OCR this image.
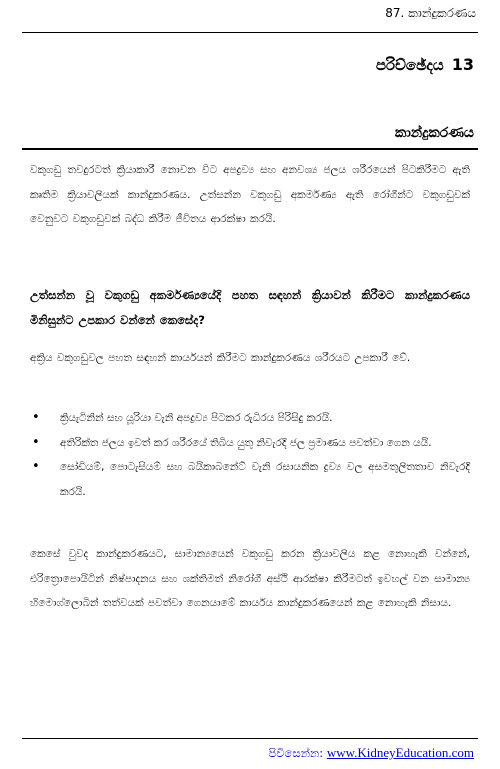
87. කාන්දුකරණය
පරිච්ඡේදය 13
කාන්දුකරණය
වකුගඩු තවදුරටත් ක්‍රියාකාරී නොවන විට අපද්‍රව්‍ය සහ අනවශ්‍ය ජලය ශරීරයෙන් පිටකිරීමට ඇති කෘතිම ක්‍රියාවලියක් කාන්දුකරණය. උත්සන්න වකුගඩු අකර්මණ්‍ය ඇති රෝගීන්ට වකුගඩුවක් වෙනුවට වකුගඩුවක් බද්ධ කිරීම ජීවිතය ආරක්ෂා කරයි.
උත්සන්න වූ වකුගඩු අකර්මණ්‍යයේදි පහත සඳහන් ක්‍රියාවන් කිරීමට කාන්දුකරණය මිනිසුන්ට උපකාර වන්නේ කෙසේද?
අක්‍රිය වකුගඩුවල පහත සඳහන් කාර්යයන් කිරීමට කාන්දුකරණය ශරීරයට උපකාරී වේ.
• ක්‍රියැටිනින් සහ යූරියා වැනි අපද්‍රව්‍ය පිටකර රුධිරය පිරිසිදු කරයි.
• අතිරික්ත ජලය ඉවත් කර ශරීරයේ තිබිය යුතු නිවැරදි ජල ප්‍රමාණය පවත්වා ගෙන යයි.
• සෝඩියම්, පොටැසියම් සහ බයිකාබනේට් වැනි රසායනික ද්‍රව්‍ය වල අසමතුලිතතාව නිවැරදි කරයි.
කෙසේ වුවද කාන්දුකරණයට, සාමාන්‍යයෙන් වකුගඩු කරන ක්‍රියාවලිය කළ නොහැකි වන්නේ, එරිත්‍රොපොයිටින් නිෂ්පාදනය සහ ශක්තිමත් නිරෝගී අස්ථි ආරක්ෂා කිරීමටත් ඉවහල් වන සාමාන්‍ය හිමොග්ලොබින් තත්වයක් පවත්වා ගෙනයාමේ කාර්යය කාන්දුකරණයෙන් කළ නොහැකි නිසාය.
පිවිසෙන්න: www.KidneyEducation.com
